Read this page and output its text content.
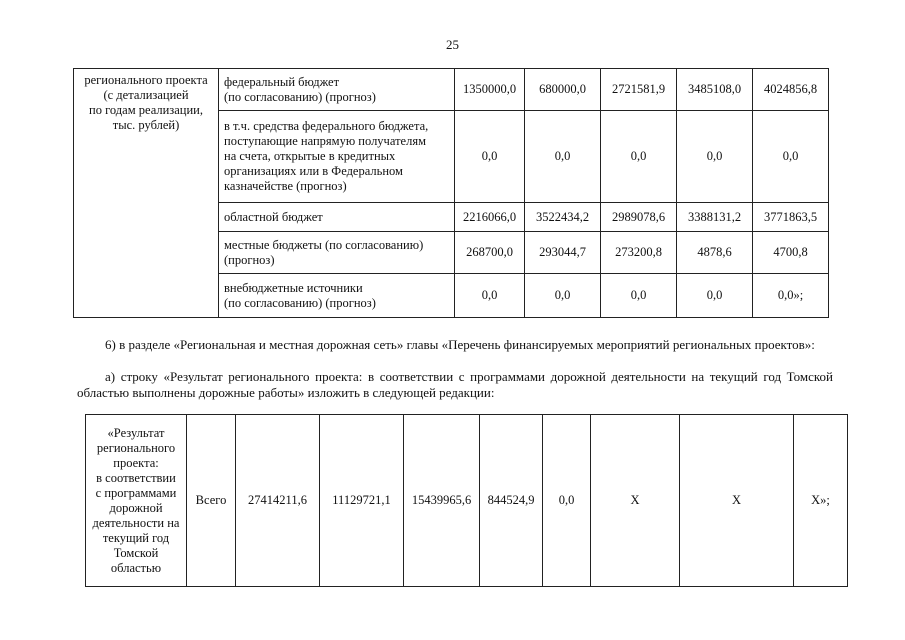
25
регионального проекта
(с детализацией
по годам реализации,
тыс. рублей)	федеральный бюджет
(по согласованию) (прогноз)	1350000,0	680000,0	2721581,9	3485108,0	4024856,8
	в т.ч. средства федерального бюджета,
поступающие напрямую получателям
на счета, открытые в кредитных
организациях или в Федеральном
казначействе (прогноз)	0,0	0,0	0,0	0,0	0,0
	областной бюджет	2216066,0	3522434,2	2989078,6	3388131,2	3771863,5
	местные бюджеты (по согласованию)
(прогноз)	268700,0	293044,7	273200,8	4878,6	4700,8
	внебюджетные источники
(по согласованию) (прогноз)	0,0	0,0	0,0	0,0	0,0»;
6) в разделе «Региональная и местная дорожная сеть» главы «Перечень финансируемых мероприятий региональных проектов»:
а) строку «Результат регионального проекта: в соответствии с программами дорожной деятельности на текущий год Томской областью выполнены дорожные работы» изложить в следующей редакции:
«Результат
регионального
проекта:
в соответствии
с программами
дорожной
деятельности на
текущий год
Томской
областью	Всего	27414211,6	11129721,1	15439965,6	844524,9	0,0	Х	Х	Х»;
